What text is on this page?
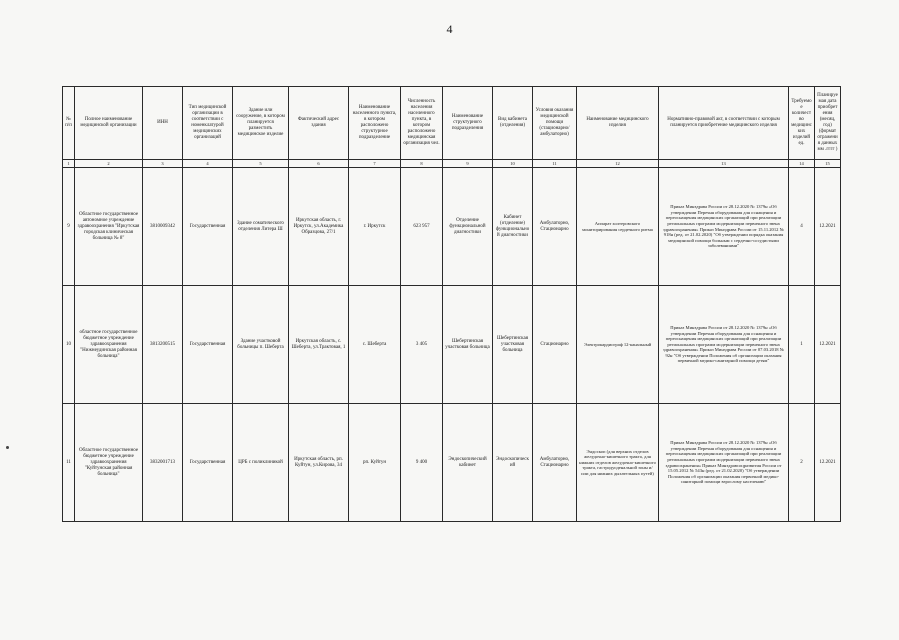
4
№ п/п	Полное наименование медицинской организации	ИНН	Тип медицинской организации в соответствии с номенклатурой медицинских организаций	Здание или сооружение, в котором планируется разместить медицинское изделие	Фактический адрес здания	Наименование населенного пункта, в котором расположено структурное подразделение	Численность населения населенного пункта, в котором расположено медицинская организация чел.	Наименование структурного подразделения	Вид кабинета (отделения)	Условия оказания медицинской помощи (стационарно/амбулаторно)	Наименование медицинского изделия	Нормативно-правовой акт, в соответствии с которым планируется приобретение медицинского изделия	Требуемое количество медицинских изделий ед.	Планируемая дата приобретения (месяц, год) (формат отражения данных мм .гггг )
1	2	3	4	5	6	7	8	9	10	11	12	13	14	15
9	Областное государственное автономное учреждение здравоохранения "Иркутская городская клиническая больница № 8"	3810009342	Государственная	Здание соматического отделения Литера Ш	Иркутская область, г. Иркутск, ул.Академика Образцова, 27/1	г. Иркутск	623 957	Отделение функциональной диагностики	Кабинет (отделение) функциональной диагностики	Амбулаторно, Стационарно	Аппарат холтеровского мониторирования сердечного ритма	Приказ Минздрава России от 28.12.2020 № 1379н «Об утверждении Перечня оборудования для оснащения и переоснащения медицинских организаций при реализации региональных программ модернизации первичного звена здравоохранения» Приказ Минздрава России от 15.11.2012 № 918н (ред. от 21.02.2020) "Об утверждении порядка оказания медицинской помощи больным с сердечно-сосудистыми заболеваниями"	4	12.2021
10	областное государственное бюджетное учреждение здравоохранения "Нижнеудинская районная больница"	3813200515	Государственная	Здание участковой больницы п. Шеберта	Иркутская область, с. Шеберта, ул.Трактовая, 1	с. Шеберта	3 405	Шебертинская участковая больница	Шебертинская участковая больница	Стационарно	Электрокардиограф 12-канальный	Приказ Минздрава России от 28.12.2020 № 1379н «Об утверждении Перечня оборудования для оснащения и переоснащения медицинских организаций при реализации региональных программ модернизации первичного звена здравоохранения» Приказ Минздрава России от 07.03.2018 № 92н "Об утверждении Положения об организации оказания первичной медико-санитарной помощи детям"	1	12.2021
11	Областное государственное бюджетное учреждение здравоохранения "Куйтунская районная больница"	3832001713	Государственная	ЦРБ с поликлиникой	Иркутская область, рп. Куйтун, ул.Кирова, 34	рп. Куйтун	9 400	Эндоскопический кабинет	Эндоскопический	Амбулаторно, Стационарно	Эндоскоп (для верхних отделов желудочно-кишечного тракта, для нижних отделов желудочно-кишечного тракта, гастродуоденальной зоны и/или для нижних дыхательных путей)	Приказ Минздрава России от 28.12.2020 № 1379н «Об утверждении Перечня оборудования для оснащения и переоснащения медицинских организаций при реализации региональных программ модернизации первичного звена здравоохранения» Приказ Минздравсоцразвития России от 15.05.2012 № 543н (ред. от 21.02.2020) "Об утверждении Положения об организации оказания первичной медико-санитарной помощи взрослому населению"	2	12.2021
